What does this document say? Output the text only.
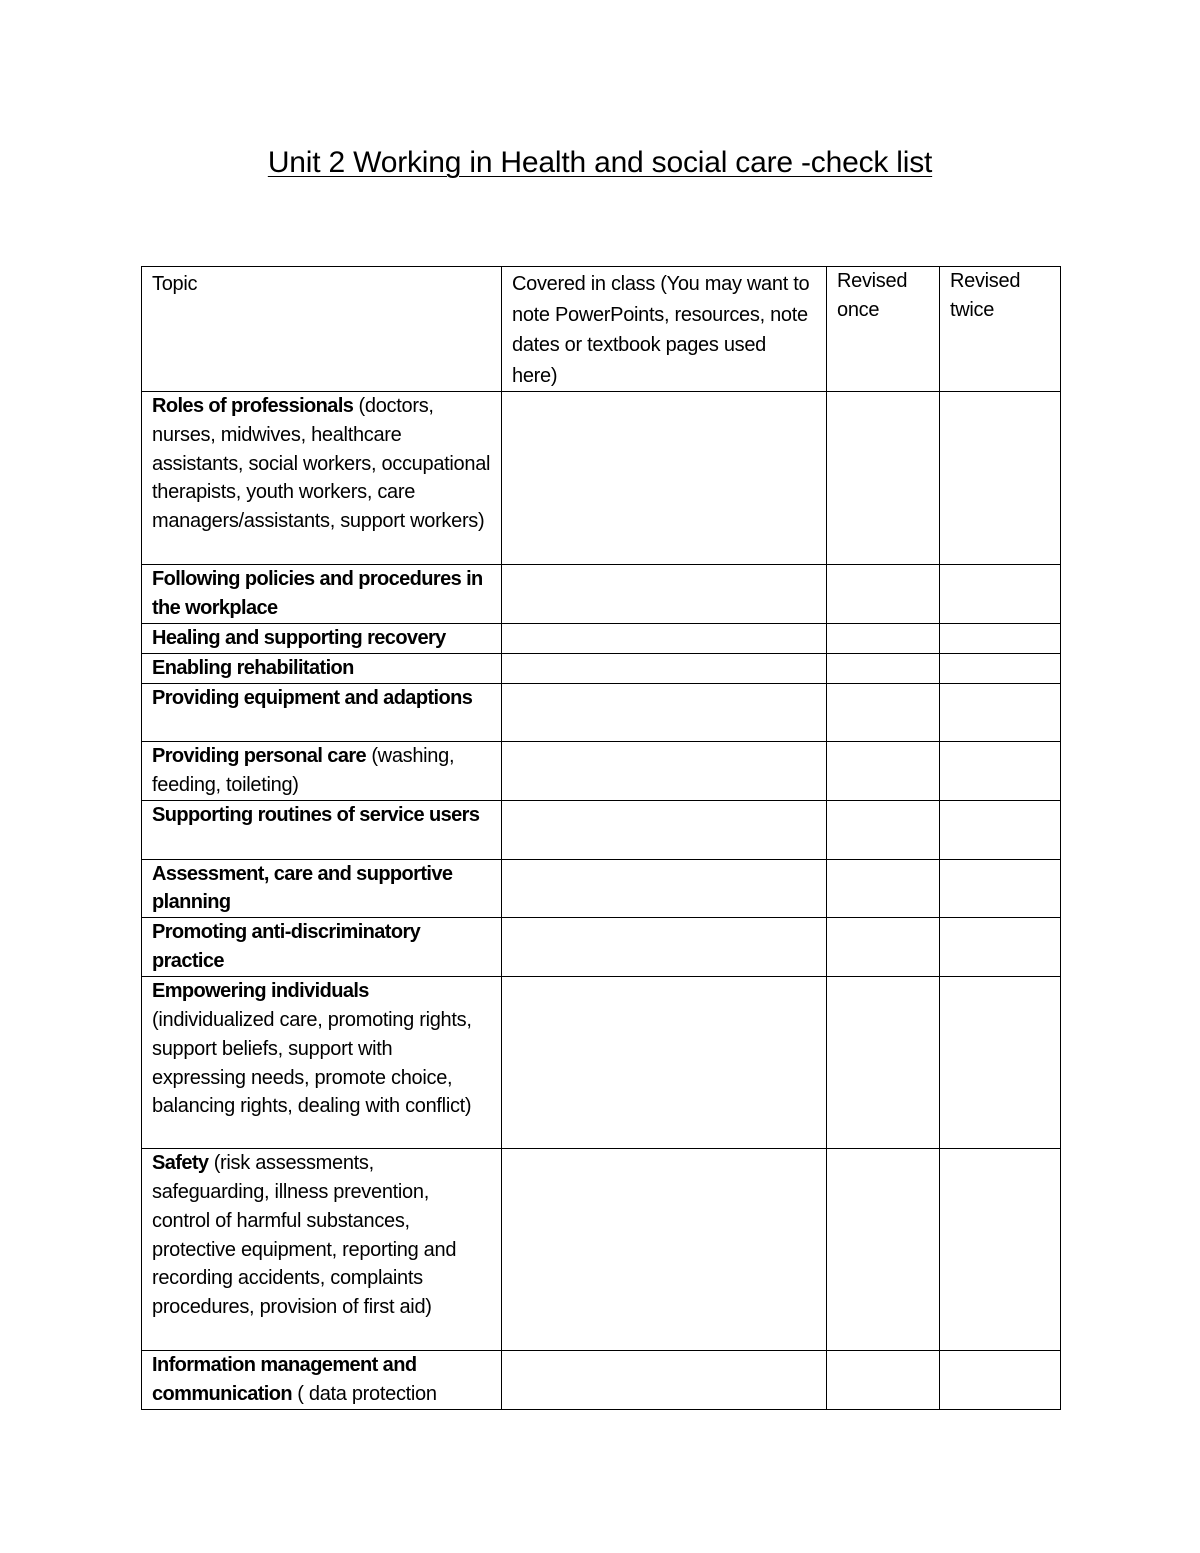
Unit 2 Working in Health and social care -check list
Topic	Covered in class (You may want to note PowerPoints, resources, note dates or textbook pages used here)	Revised once	Revised twice

Roles of professionals (doctors, nurses, midwives, healthcare assistants, social workers, occupational therapists, youth workers, care managers/assistants, support workers)			
Following policies and procedures in the workplace			
Healing and supporting recovery			
Enabling rehabilitation			
Providing equipment and adaptions			
Providing personal care (washing, feeding, toileting)			
Supporting routines of service users			
Assessment, care and supportive planning			
Promoting anti-discriminatory practice			
Empowering individuals (individualized care, promoting rights, support beliefs, support with expressing needs, promote choice, balancing rights, dealing with conflict)			
Safety (risk assessments, safeguarding, illness prevention, control of harmful substances, protective equipment, reporting and recording accidents, complaints procedures, provision of first aid)			
Information management and communication ( data protection			
